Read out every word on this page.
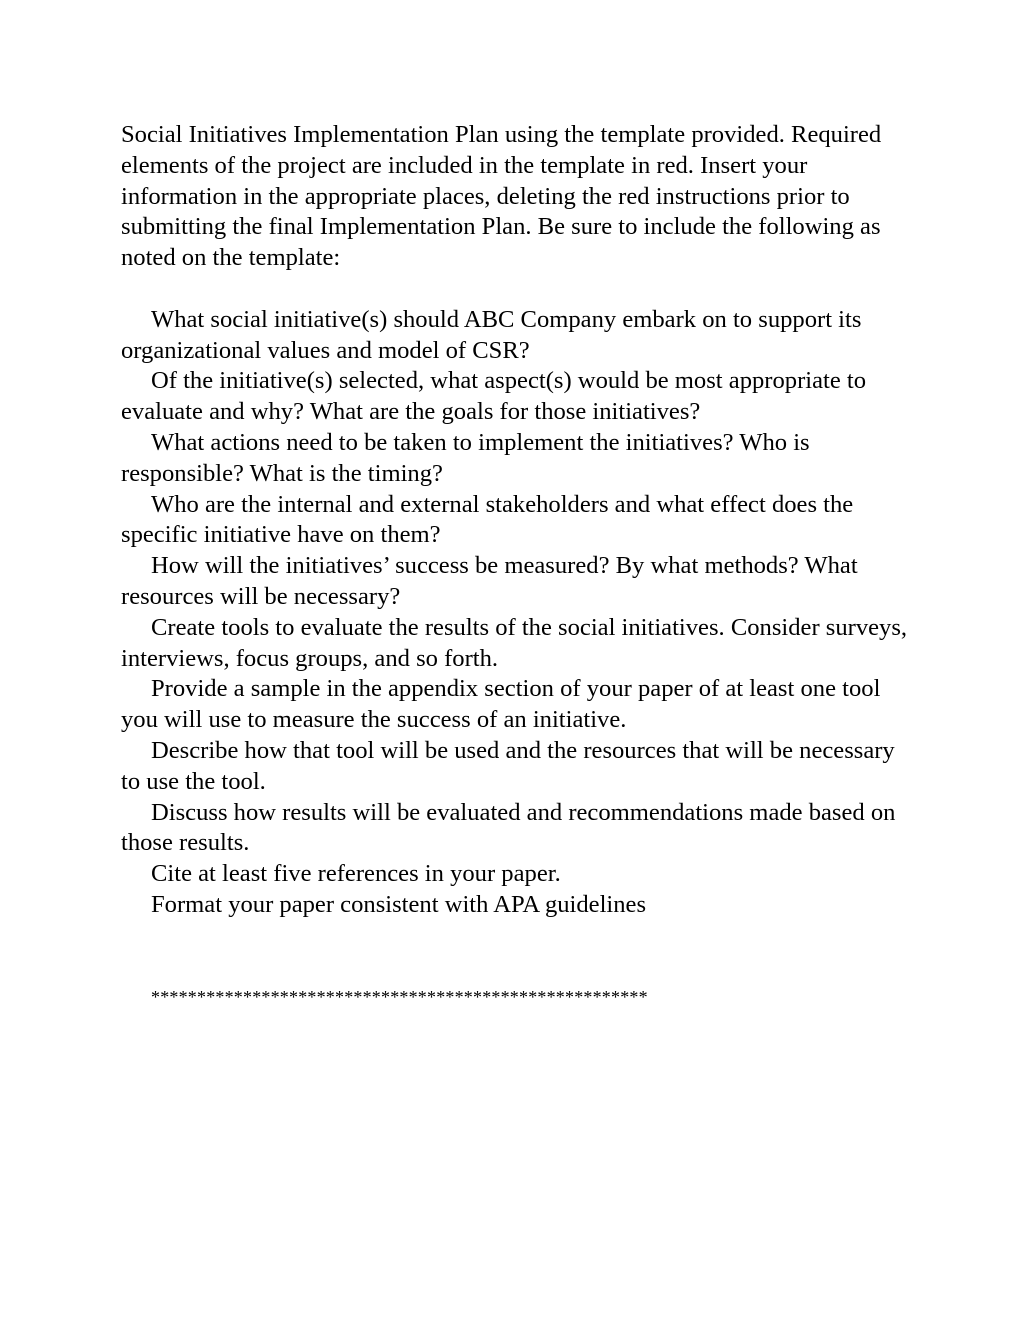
Social Initiatives Implementation Plan using the template provided. Required elements of the project are included in the template in red. Insert your information in the appropriate places, deleting the red instructions prior to submitting the final Implementation Plan. Be sure to include the following as noted on the template:

What social initiative(s) should ABC Company embark on to support its organizational values and model of CSR?

Of the initiative(s) selected, what aspect(s) would be most appropriate to evaluate and why? What are the goals for those initiatives?

What actions need to be taken to implement the initiatives? Who is responsible? What is the timing?

Who are the internal and external stakeholders and what effect does the specific initiative have on them?

How will the initiatives’ success be measured? By what methods? What resources will be necessary?

Create tools to evaluate the results of the social initiatives. Consider surveys, interviews, focus groups, and so forth.

Provide a sample in the appendix section of your paper of at least one tool you will use to measure the success of an initiative.

Describe how that tool will be used and the resources that will be necessary to use the tool.

Discuss how results will be evaluated and recommendations made based on those results.

Cite at least five references in your paper.

Format your paper consistent with APA guidelines

******************************************************
